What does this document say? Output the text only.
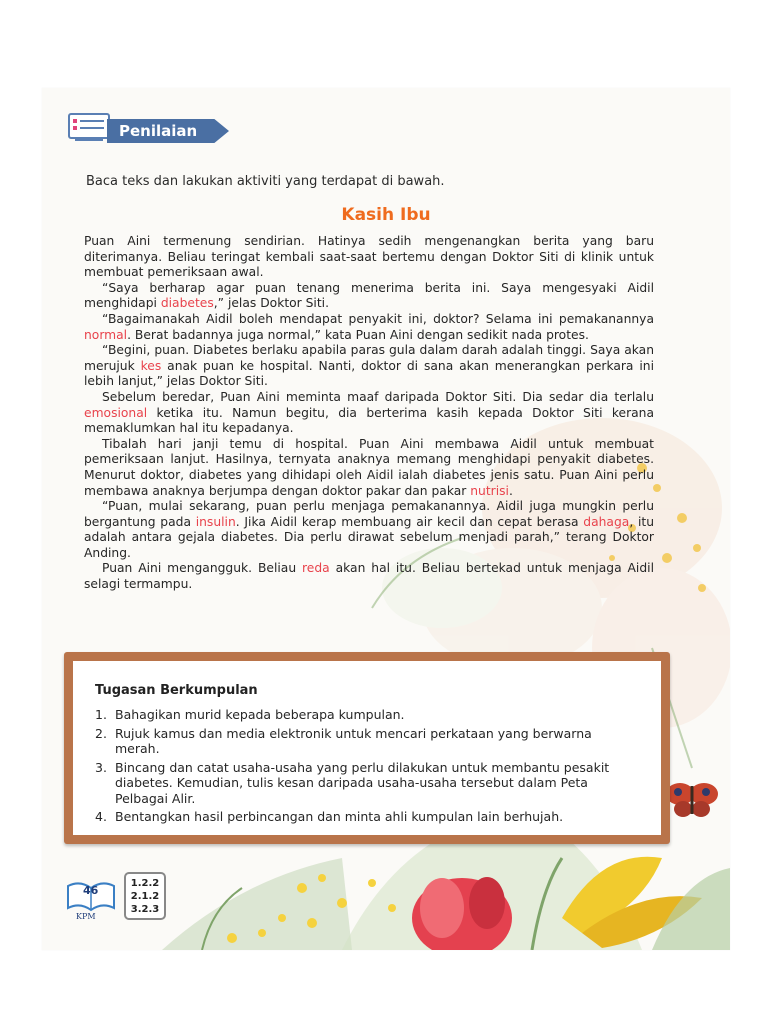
Penilaian
Baca teks dan lakukan aktiviti yang terdapat di bawah.
Kasih Ibu

Puan Aini termenung sendirian. Hatinya sedih mengenangkan berita yang baru diterimanya. Beliau teringat kembali saat-saat bertemu dengan Doktor Siti di klinik untuk membuat pemeriksaan awal.

“Saya berharap agar puan tenang menerima berita ini. Saya mengesyaki Aidil menghidapi diabetes,” jelas Doktor Siti.

“Bagaimanakah Aidil boleh mendapat penyakit ini, doktor? Selama ini pemakanannya normal. Berat badannya juga normal,” kata Puan Aini dengan sedikit nada protes.

“Begini, puan. Diabetes berlaku apabila paras gula dalam darah adalah tinggi. Saya akan merujuk kes anak puan ke hospital. Nanti, doktor di sana akan menerangkan perkara ini lebih lanjut,” jelas Doktor Siti.

Sebelum beredar, Puan Aini meminta maaf daripada Doktor Siti. Dia sedar dia terlalu emosional ketika itu. Namun begitu, dia berterima kasih kepada Doktor Siti kerana memaklumkan hal itu kepadanya.

Tibalah hari janji temu di hospital. Puan Aini membawa Aidil untuk membuat pemeriksaan lanjut. Hasilnya, ternyata anaknya memang menghidapi penyakit diabetes. Menurut doktor, diabetes yang dihidapi oleh Aidil ialah diabetes jenis satu. Puan Aini perlu membawa anaknya berjumpa dengan doktor pakar dan pakar nutrisi.

“Puan, mulai sekarang, puan perlu menjaga pemakanannya. Aidil juga mungkin perlu bergantung pada insulin. Jika Aidil kerap membuang air kecil dan cepat berasa dahaga, itu adalah antara gejala diabetes. Dia perlu dirawat sebelum menjadi parah,” terang Doktor Anding.

Puan Aini mengangguk. Beliau reda akan hal itu. Beliau bertekad untuk menjaga Aidil selagi termampu.

Tugasan Berkumpulan
1. Bahagikan murid kepada beberapa kumpulan.
2. Rujuk kamus dan media elektronik untuk mencari perkataan yang berwarna merah.
3. Bincang dan catat usaha-usaha yang perlu dilakukan untuk membantu pesakit diabetes. Kemudian, tulis kesan daripada usaha-usaha tersebut dalam Peta Pelbagai Alir.
4. Bentangkan hasil perbincangan dan minta ahli kumpulan lain berhujah.
46
KPM
1.2.2
2.1.2
3.2.3
